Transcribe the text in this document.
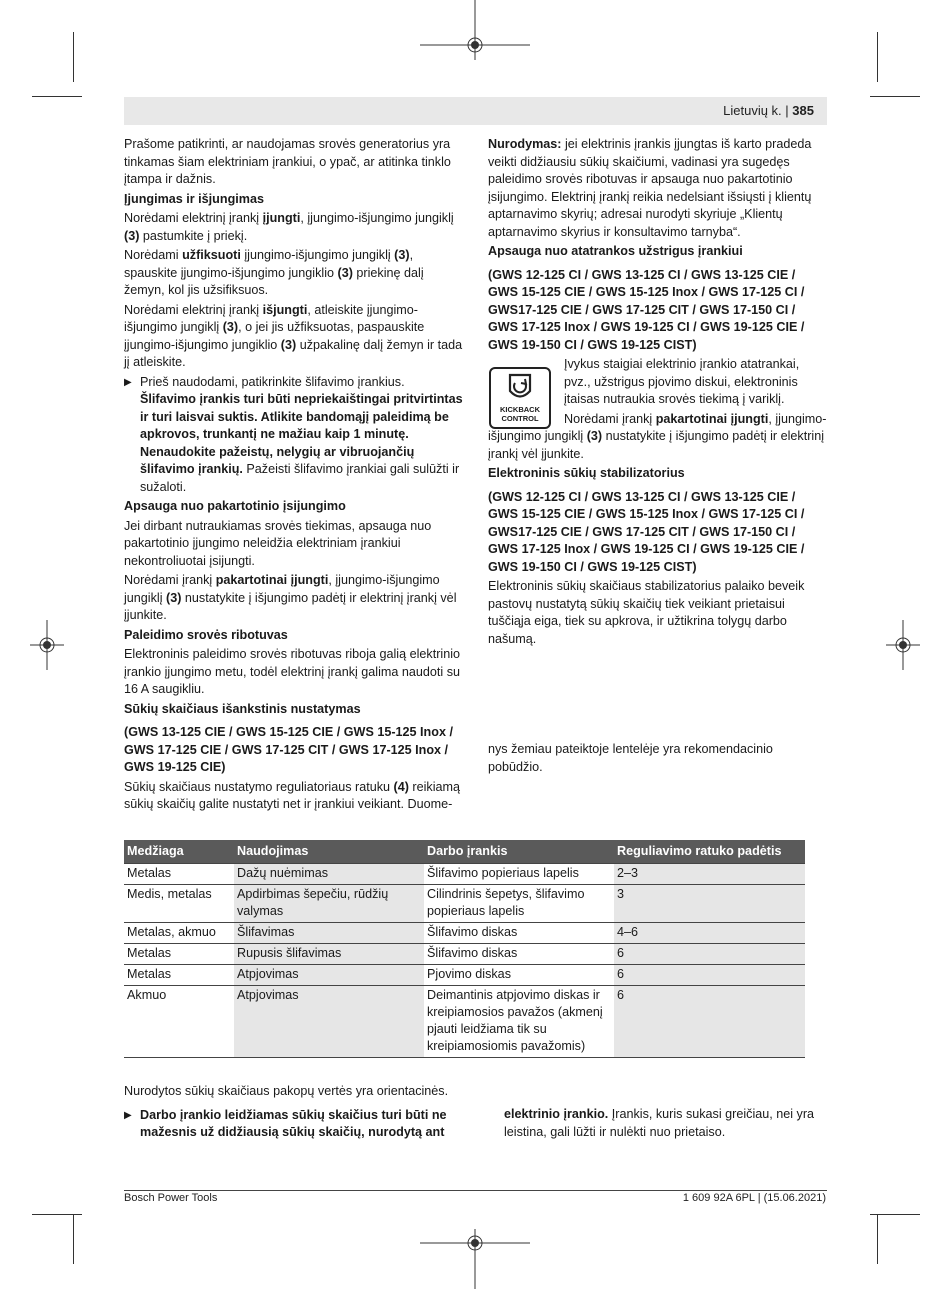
Lietuvių k. | 385

Prašome patikrinti, ar naudojamas srovės generatorius yra tinkamas šiam elektriniam įrankiui, o ypač, ar atitinka tinklo įtampa ir dažnis.

Įjungimas ir išjungimas

Norėdami elektrinį įrankį įjungti, įjungimo-išjungimo jungiklį (3) pastumkite į priekį.

Norėdami užfiksuoti įjungimo-išjungimo jungiklį (3), spauskite įjungimo-išjungimo jungiklio (3) priekinę dalį žemyn, kol jis užsifiksuos.

Norėdami elektrinį įrankį išjungti, atleiskite įjungimo-išjungimo jungiklį (3), o jei jis užfiksuotas, paspauskite įjungimo-išjungimo jungiklio (3) užpakalinę dalį žemyn ir tada jį atleiskite.

▶ Prieš naudodami, patikrinkite šlifavimo įrankius. Šlifavimo įrankis turi būti nepriekaištingai pritvirtintas ir turi laisvai suktis. Atlikite bandomąjį paleidimą be apkrovos, trunkantį ne mažiau kaip 1 minutę. Nenaudokite pažeistų, nelygių ar vibruojančių šlifavimo įrankių. Pažeisti šlifavimo įrankiai gali sulūžti ir sužaloti.

Apsauga nuo pakartotinio įsijungimo

Jei dirbant nutraukiamas srovės tiekimas, apsauga nuo pakartotinio įjungimo neleidžia elektriniam įrankiui nekontroliuotai įsijungti.

Norėdami įrankį pakartotinai įjungti, įjungimo-išjungimo jungiklį (3) nustatykite į išjungimo padėtį ir elektrinį įrankį vėl įjunkite.

Paleidimo srovės ribotuvas

Elektroninis paleidimo srovės ribotuvas riboja galią elektrinio įrankio įjungimo metu, todėl elektrinį įrankį galima naudoti su 16 A saugikliu.

Sūkių skaičiaus išankstinis nustatymas

(GWS 13-125 CIE / GWS 15-125 CIE / GWS 15-125 Inox / GWS 17-125 CIE / GWS 17-125 CIT / GWS 17-125 Inox / GWS 19-125 CIE)

Sūkių skaičiaus nustatymo reguliatoriaus ratuku (4) reikiamą sūkių skaičių galite nustatyti net ir įrankiui veikiant. Duome-

Nurodymas: jei elektrinis įrankis įjungtas iš karto pradeda veikti didžiausiu sūkių skaičiumi, vadinasi yra sugedęs paleidimo srovės ribotuvas ir apsauga nuo pakartotinio įsijungimo. Elektrinį įrankį reikia nedelsiant išsiųsti į klientų aptarnavimo skyrių; adresai nurodyti skyriuje „Klientų aptarnavimo skyrius ir konsultavimo tarnyba“.

Apsauga nuo atatrankos užstrigus įrankiui

(GWS 12-125 CI / GWS 13-125 CI / GWS 13-125 CIE / GWS 15-125 CIE / GWS 15-125 Inox / GWS 17-125 CI / GWS17-125 CIE / GWS 17-125 CIT / GWS 17-150 CI / GWS 17-125 Inox / GWS 19-125 CI / GWS 19-125 CIE / GWS 19-150 CI / GWS 19-125 CIST)

Įvykus staigiai elektrinio įrankio atatrankai, pvz., užstrigus pjovimo diskui, elektroninis įtaisas nutraukia srovės tiekimą į variklį.

Norėdami įrankį pakartotinai įjungti, įjungimo-išjungimo jungiklį (3) nustatykite į išjungimo padėtį ir elektrinį įrankį vėl įjunkite.

Elektroninis sūkių stabilizatorius

(GWS 12-125 CI / GWS 13-125 CI / GWS 13-125 CIE / GWS 15-125 CIE / GWS 15-125 Inox / GWS 17-125 CI / GWS17-125 CIE / GWS 17-125 CIT / GWS 17-150 CI / GWS 17-125 Inox / GWS 19-125 CI / GWS 19-125 CIE / GWS 19-150 CI / GWS 19-125 CIST)

Elektroninis sūkių skaičiaus stabilizatorius palaiko beveik pastovų nustatytą sūkių skaičių tiek veikiant prietaisui tuščiąja eiga, tiek su apkrova, ir užtikrina tolygų darbo našumą.

nys žemiau pateiktoje lentelėje yra rekomendacinio pobūdžio.

KICKBACK
CONTROL
Medžiaga	Naudojimas	Darbo įrankis	Reguliavimo ratuko padėtis
Metalas	Dažų nuėmimas	Šlifavimo popieriaus lapelis	2–3
Medis, metalas	Apdirbimas šepečiu, rūdžių valymas	Cilindrinis šepetys, šlifavimo popieriaus lapelis	3
Metalas, akmuo	Šlifavimas	Šlifavimo diskas	4–6
Metalas	Rupusis šlifavimas	Šlifavimo diskas	6
Metalas	Atpjovimas	Pjovimo diskas	6
Akmuo	Atpjovimas	Deimantinis atpjovimo diskas ir kreipiamosios pavažos (akmenį pjauti leidžiama tik su kreipiamosiomis pavažomis)	6

Nurodytos sūkių skaičiaus pakopų vertės yra orientacinės.

▶ Darbo įrankio leidžiamas sūkių skaičius turi būti ne mažesnis už didžiausią sūkių skaičių, nurodytą ant

elektrinio įrankio. Įrankis, kuris sukasi greičiau, nei yra leistina, gali lūžti ir nulėkti nuo prietaiso.

Bosch Power Tools	1 609 92A 6PL | (15.06.2021)
